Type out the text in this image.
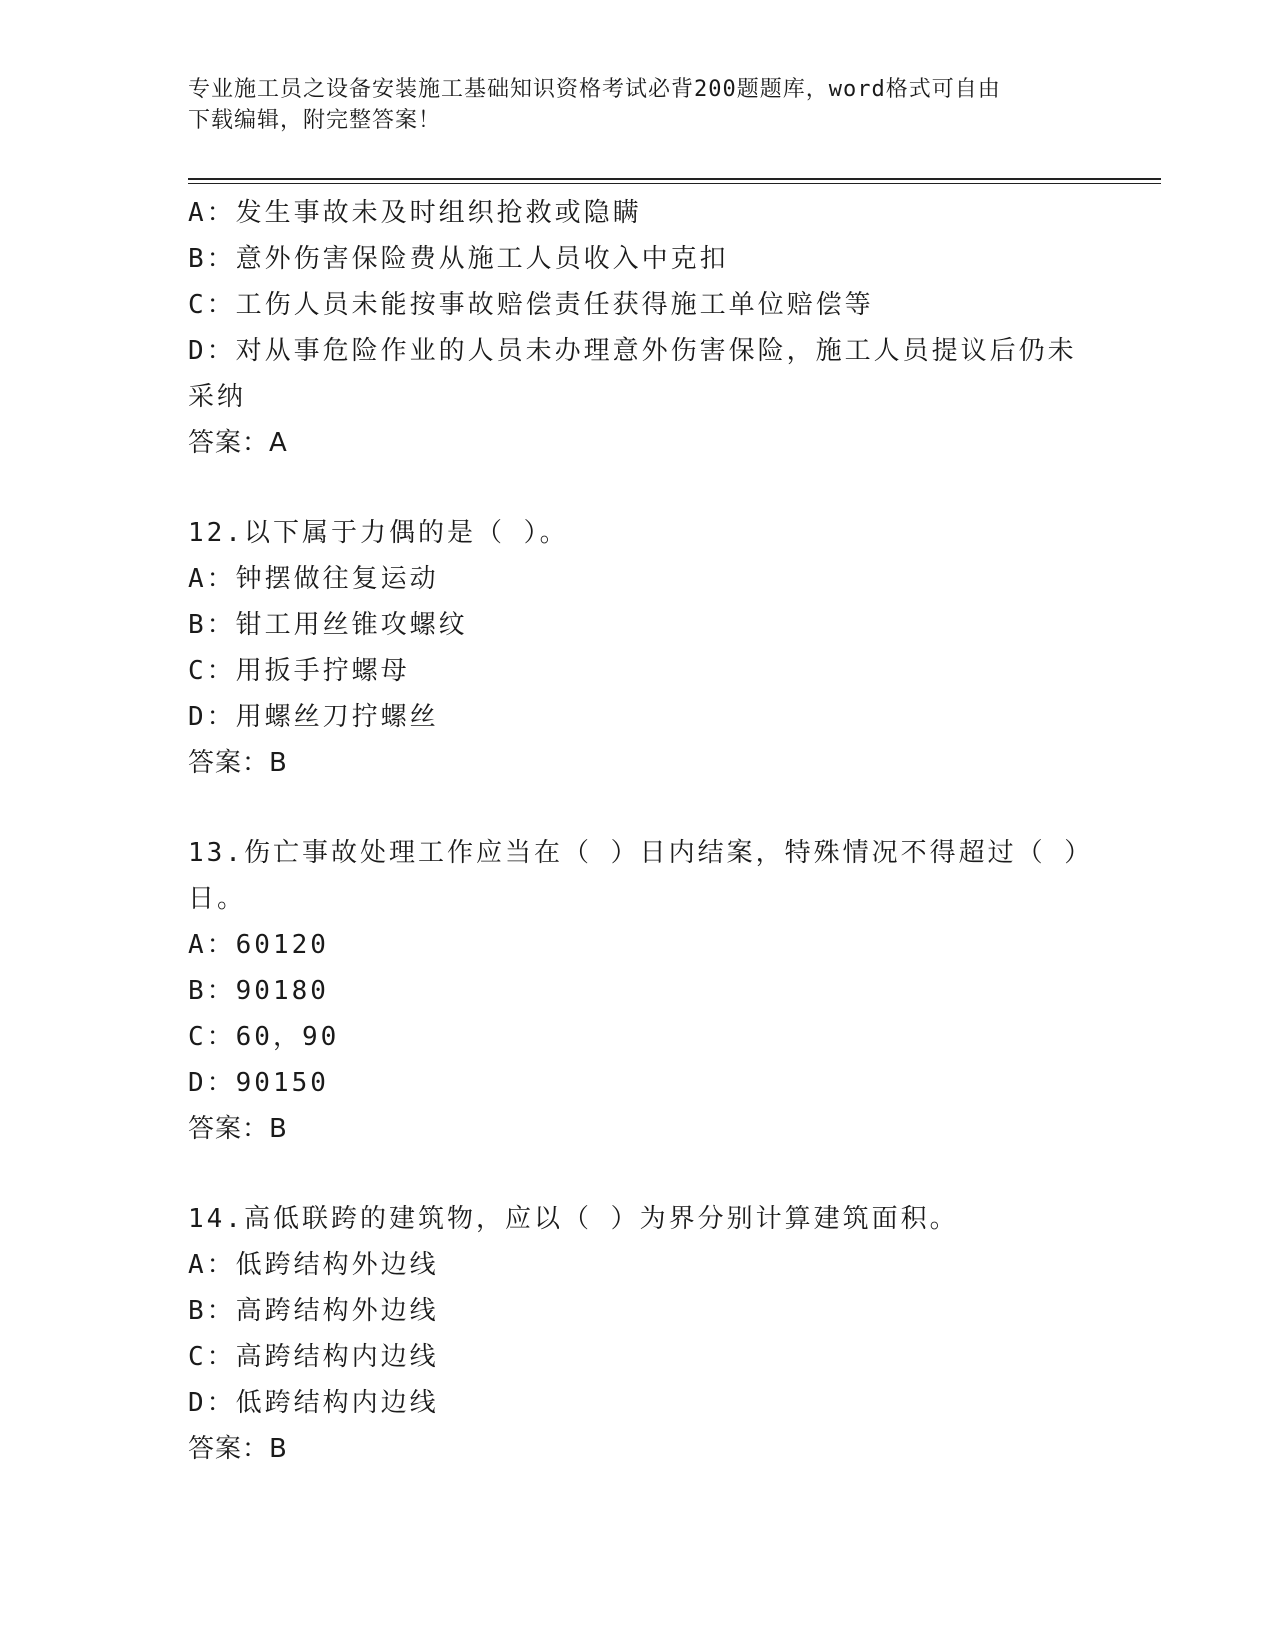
专业施工员之设备安装施工基础知识资格考试必背200题题库，word格式可自由
下载编辑，附完整答案！
A：发生事故未及时组织抢救或隐瞒
B：意外伤害保险费从施工人员收入中克扣
C：工伤人员未能按事故赔偿责任获得施工单位赔偿等
D：对从事危险作业的人员未办理意外伤害保险，施工人员提议后仍未
采纳
答案：A
12.以下属于力偶的是（ ）。
A：钟摆做往复运动
B：钳工用丝锥攻螺纹
C：用扳手拧螺母
D：用螺丝刀拧螺丝
答案：B
13.伤亡事故处理工作应当在（ ）日内结案，特殊情况不得超过（ ）
日。
A：60120
B：90180
C：60，90
D：90150
答案：B
14.高低联跨的建筑物，应以（ ）为界分别计算建筑面积。
A：低跨结构外边线
B：高跨结构外边线
C：高跨结构内边线
D：低跨结构内边线
答案：B
